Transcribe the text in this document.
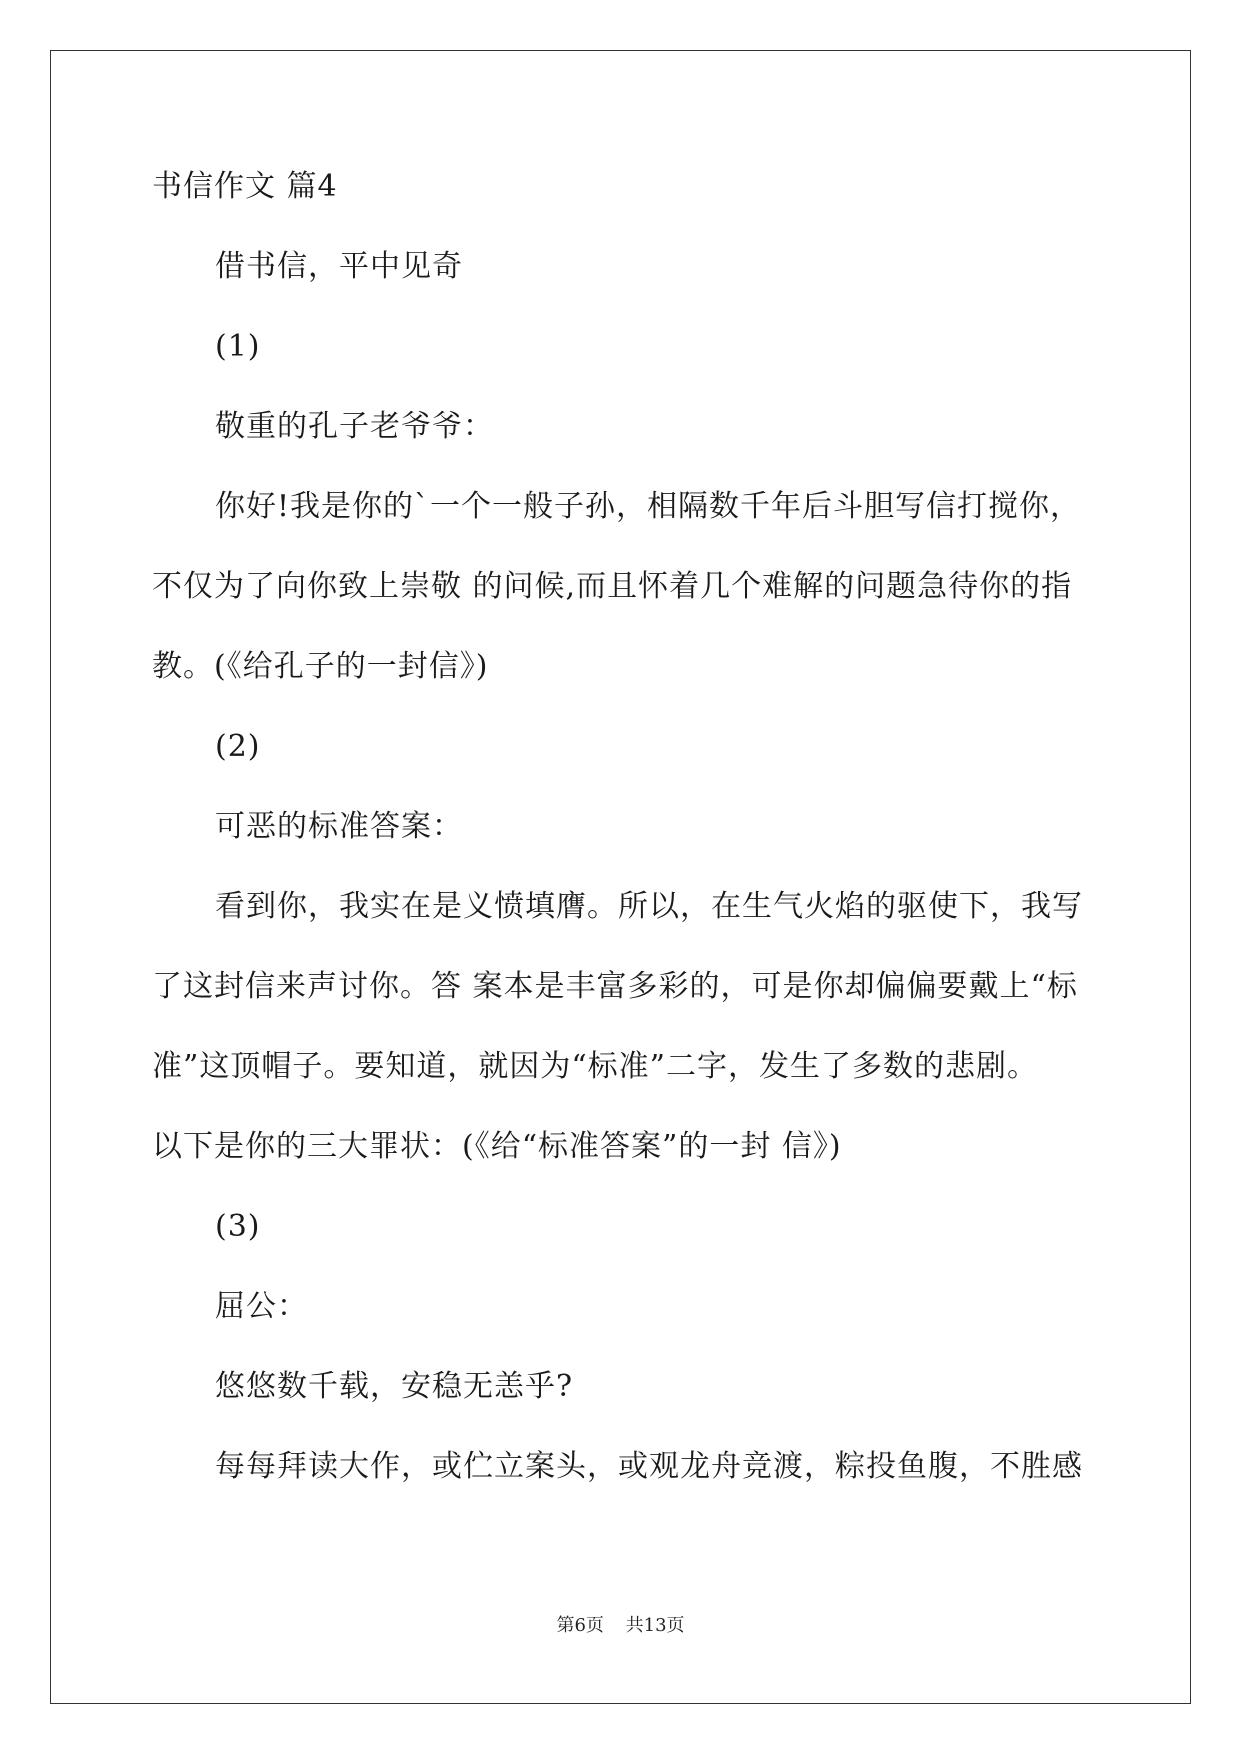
书信作文 篇4
借书信，平中见奇
(1)
敬重的孔子老爷爷：
你好!我是你的`一个一般子孙，相隔数千年后斗胆写信打搅你，
不仅为了向你致上崇敬 的问候,而且怀着几个难解的问题急待你的指
教。(《给孔子的一封信》)
(2)
可恶的标准答案：
看到你，我实在是义愤填膺。所以，在生气火焰的驱使下，我写
了这封信来声讨你。答 案本是丰富多彩的，可是你却偏偏要戴上“标
准”这顶帽子。要知道，就因为“标准”二字，发生了多数的悲剧。
以下是你的三大罪状：(《给“标准答案”的一封 信》)
(3)
屈公：
悠悠数千载，安稳无恙乎?
每每拜读大作，或伫立案头，或观龙舟竞渡，粽投鱼腹，不胜感
第6页 共13页
